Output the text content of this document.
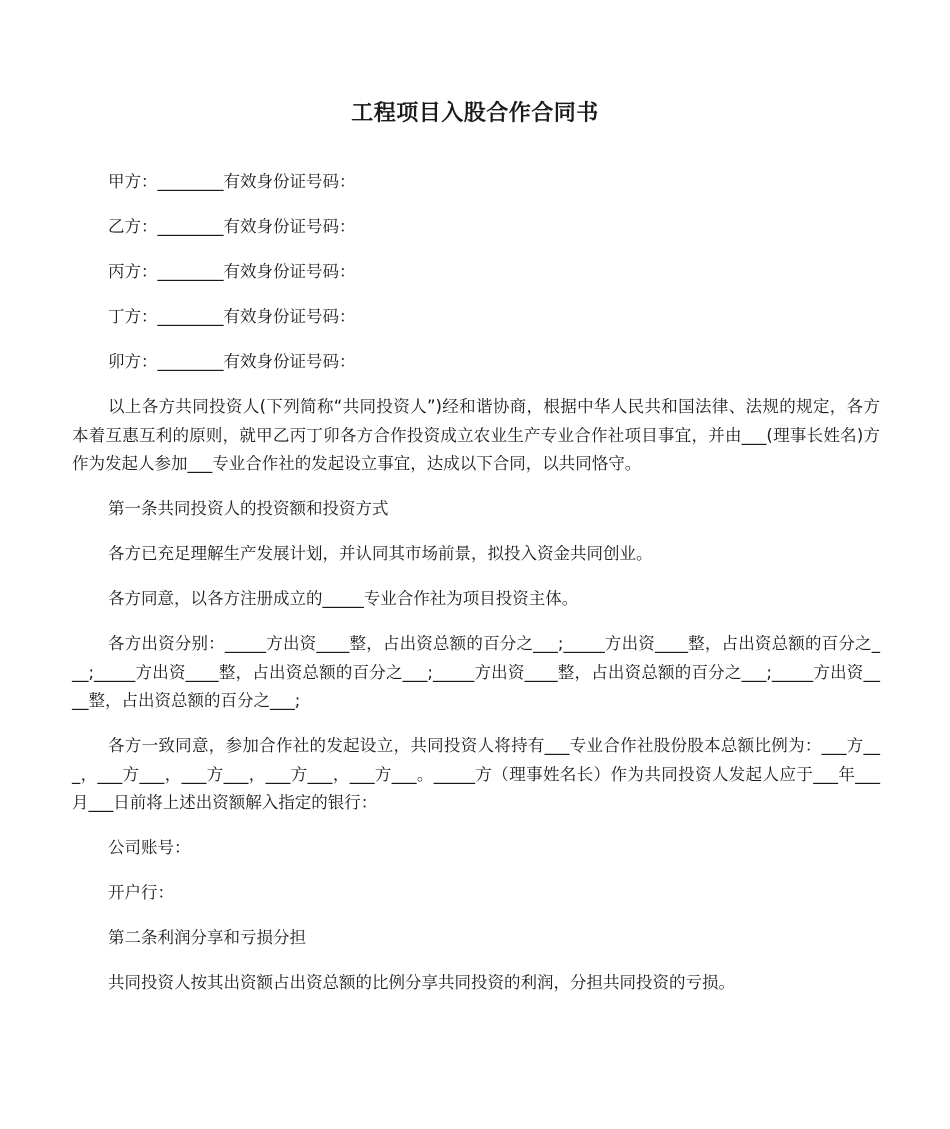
工程项目入股合作合同书

甲方：________有效身份证号码：

乙方：________有效身份证号码：

丙方：________有效身份证号码：

丁方：________有效身份证号码：

卯方：________有效身份证号码：

以上各方共同投资人(下列简称“共同投资人”)经和谐协商，根据中华人民共和国法律、法规的规定，各方本着互惠互利的原则，就甲乙丙丁卯各方合作投资成立农业生产专业合作社项目事宜，并由___(理事长姓名)方作为发起人参加___专业合作社的发起设立事宜，达成以下合同，以共同恪守。

第一条共同投资人的投资额和投资方式

各方已充足理解生产发展计划，并认同其市场前景，拟投入资金共同创业。

各方同意，以各方注册成立的_____专业合作社为项目投资主体。

各方出资分别：_____方出资____整，占出资总额的百分之___;_____方出资____整，占出资总额的百分之___;_____方出资____整，占出资总额的百分之___;_____方出资____整，占出资总额的百分之___;_____方出资____整，占出资总额的百分之___;

各方一致同意，参加合作社的发起设立，共同投资人将持有___专业合作社股份股本总额比例为：___方___，___方___，___方___，___方___，___方___。_____方（理事姓名长）作为共同投资人发起人应于___年___月___日前将上述出资额解入指定的银行：

公司账号：

开户行：

第二条利润分享和亏损分担

共同投资人按其出资额占出资总额的比例分享共同投资的利润，分担共同投资的亏损。
